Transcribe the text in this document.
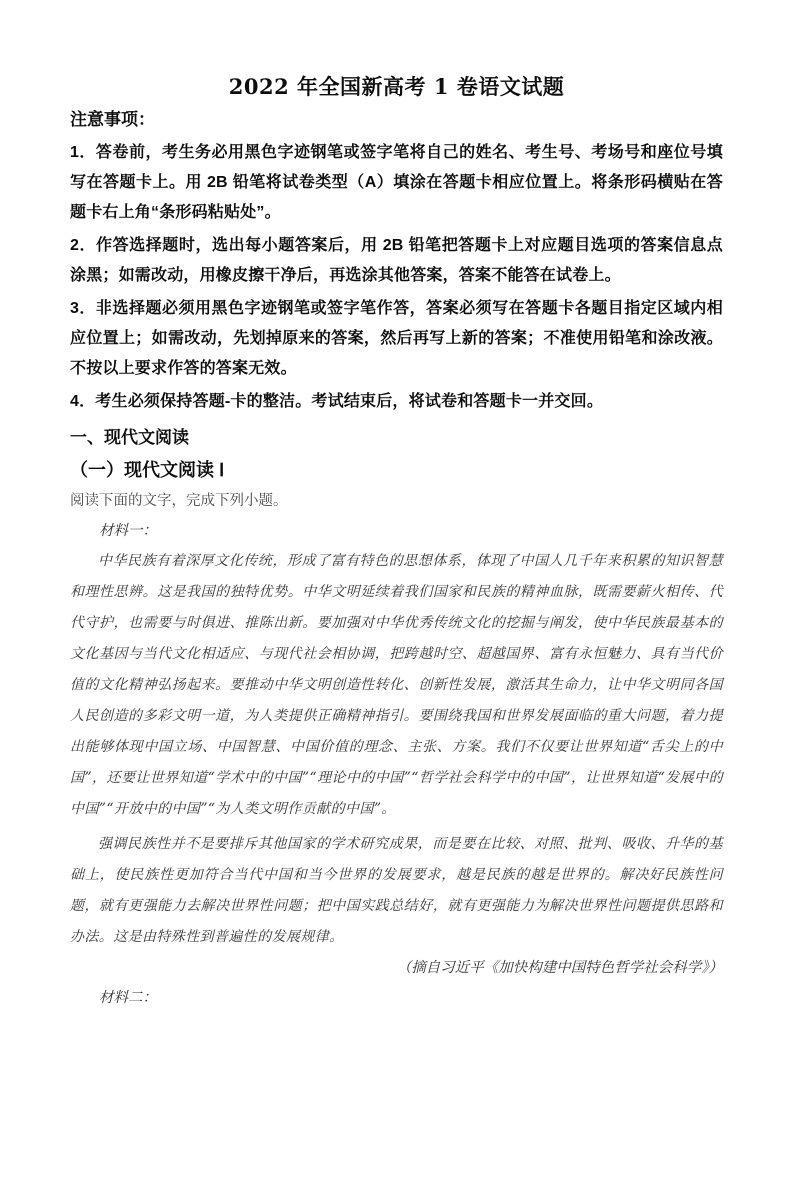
2022 年全国新高考 1 卷语文试题

注意事项：

1．答卷前，考生务必用黑色字迹钢笔或签字笔将自己的姓名、考生号、考场号和座位号填写在答题卡上。用 2B 铅笔将试卷类型（A）填涂在答题卡相应位置上。将条形码横贴在答题卡右上角“条形码粘贴处”。

2．作答选择题时，选出每小题答案后，用 2B 铅笔把答题卡上对应题目选项的答案信息点涂黑；如需改动，用橡皮擦干净后，再选涂其他答案，答案不能答在试卷上。

3．非选择题必须用黑色字迹钢笔或签字笔作答，答案必须写在答题卡各题目指定区域内相应位置上；如需改动，先划掉原来的答案，然后再写上新的答案；不准使用铅笔和涂改液。不按以上要求作答的答案无效。

4．考生必须保持答题-卡的整洁。考试结束后，将试卷和答题卡一并交回。

一、现代文阅读
（一）现代文阅读 Ⅰ

阅读下面的文字，完成下列小题。

材料一：

中华民族有着深厚文化传统，形成了富有特色的思想体系，体现了中国人几千年来积累的知识智慧和理性思辨。这是我国的独特优势。中华文明延续着我们国家和民族的精神血脉，既需要薪火相传、代代守护，也需要与时俱进、推陈出新。要加强对中华优秀传统文化的挖掘与阐发，使中华民族最基本的文化基因与当代文化相适应、与现代社会相协调，把跨越时空、超越国界、富有永恒魅力、具有当代价值的文化精神弘扬起来。要推动中华文明创造性转化、创新性发展，激活其生命力，让中华文明同各国人民创造的多彩文明一道，为人类提供正确精神指引。要围绕我国和世界发展面临的重大问题，着力提出能够体现中国立场、中国智慧、中国价值的理念、主张、方案。我们不仅要让世界知道“舌尖上的中国”，还要让世界知道“学术中的中国”“理论中的中国”“哲学社会科学中的中国”，让世界知道“发展中的中国”“开放中的中国”“为人类文明作贡献的中国”。

强调民族性并不是要排斥其他国家的学术研究成果，而是要在比较、对照、批判、吸收、升华的基础上，使民族性更加符合当代中国和当今世界的发展要求，越是民族的越是世界的。解决好民族性问题，就有更强能力去解决世界性问题；把中国实践总结好，就有更强能力为解决世界性问题提供思路和办法。这是由特殊性到普遍性的发展规律。

（摘自习近平《加快构建中国特色哲学社会科学》）

材料二：
